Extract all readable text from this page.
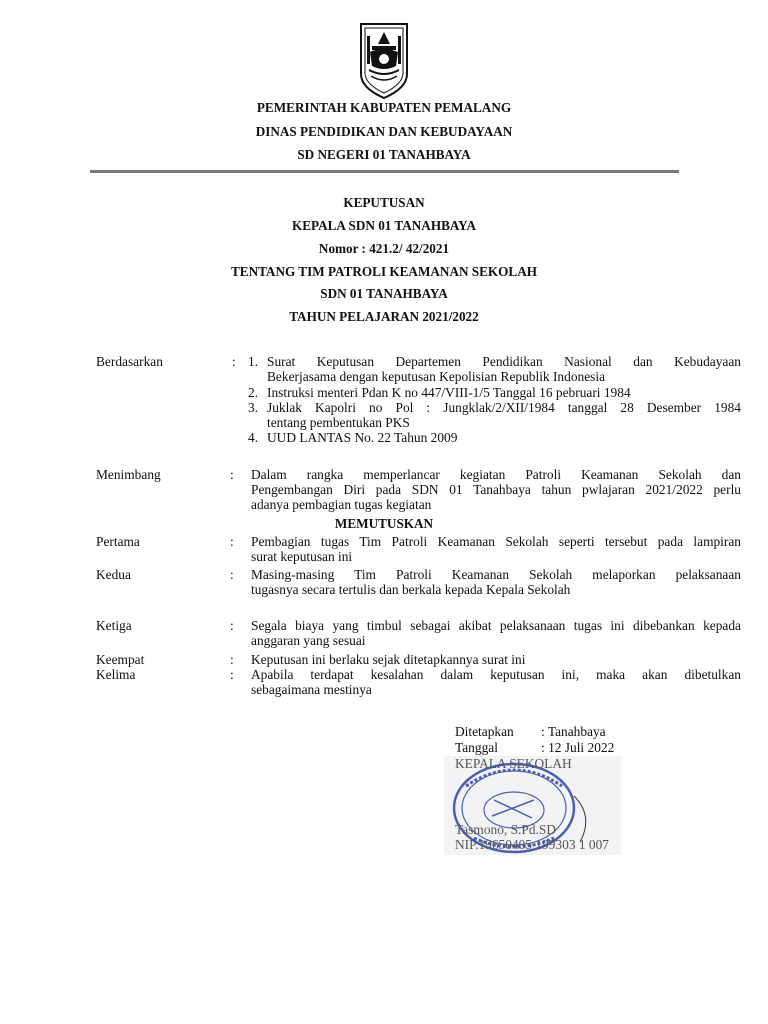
PEMERINTAH KABUPATEN PEMALANG
DINAS PENDIDIKAN DAN KEBUDAYAAN
SD NEGERI 01 TANAHBAYA
KEPUTUSAN
KEPALA SDN 01 TANAHBAYA
Nomor : 421.2/ 42/2021
TENTANG TIM PATROLI KEAMANAN SEKOLAH
SDN 01 TANAHBAYA
TAHUN PELAJARAN 2021/2022
Berdasarkan	: 1. Surat Keputusan Departemen Pendidikan Nasional dan Kebudayaan
Bekerjasama dengan keputusan Kepolisian Republik Indonesia
2. Instruksi menteri Pdan K no 447/VIII-1/5 Tanggal 16 pebruari 1984
3. Juklak Kapolri no Pol : Jungklak/2/XII/1984 tanggal 28 Desember 1984
tentang pembentukan PKS
4. UUD LANTAS No. 22 Tahun 2009
Menimbang	: Dalam rangka memperlancar kegiatan Patroli Keamanan Sekolah dan
Pengembangan Diri pada SDN 01 Tanahbaya tahun pwlajaran 2021/2022 perlu
adanya pembagian tugas kegiatan
MEMUTUSKAN
Pertama	: Pembagian tugas Tim Patroli Keamanan Sekolah seperti tersebut pada lampiran
surat keputusan ini
Kedua	: Masing-masing Tim Patroli Keamanan Sekolah melaporkan pelaksanaan
tugasnya secara tertulis dan berkala kepada Kepala Sekolah
Ketiga	: Segala biaya yang timbul sebagai akibat pelaksanaan tugas ini dibebankan kepada
anggaran yang sesuai
Keempat	: Keputusan ini berlaku sejak ditetapkannya surat ini
Kelima	: Apabila terdapat kesalahan dalam keputusan ini, maka akan dibetulkan
sebagaimana mestinya
Ditetapkan : Tanahbaya
Tanggal	: 12 Juli 2022
KEPALA SEKOLAH
Tasmono, S.Pd.SD
NIP.19650405 199303 1 007
